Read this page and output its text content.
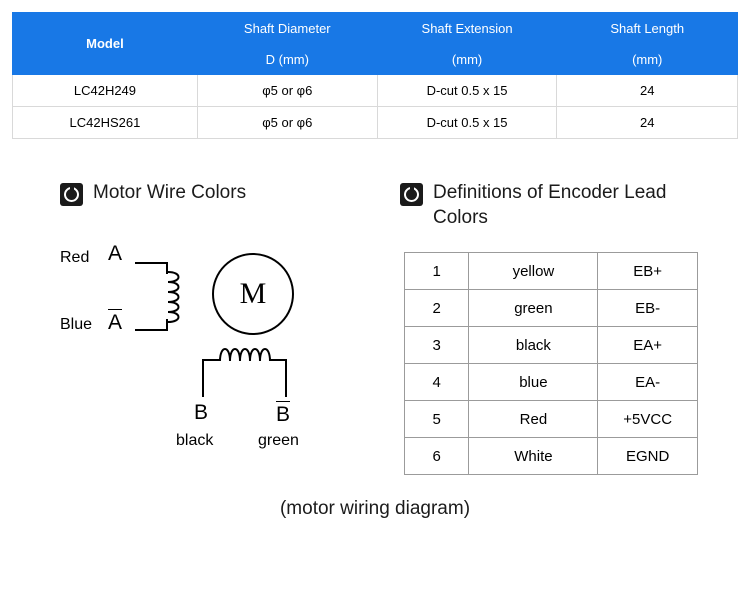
Model	Shaft Diameter	Shaft Extension	Shaft Length
	D (mm)	(mm)	(mm)
LC42H249	φ5 or φ6	D-cut 0.5 x 15	24
LC42HS261	φ5 or φ6	D-cut 0.5 x 15	24
Motor Wire Colors	Definitions of Encoder Lead Colors
Red A
Blue A
M
B	B
black	green
1	yellow	EB+
2	green	EB-
3	black	EA+
4	blue	EA-
5	Red	+5VCC
6	White	EGND
(motor wiring diagram)
